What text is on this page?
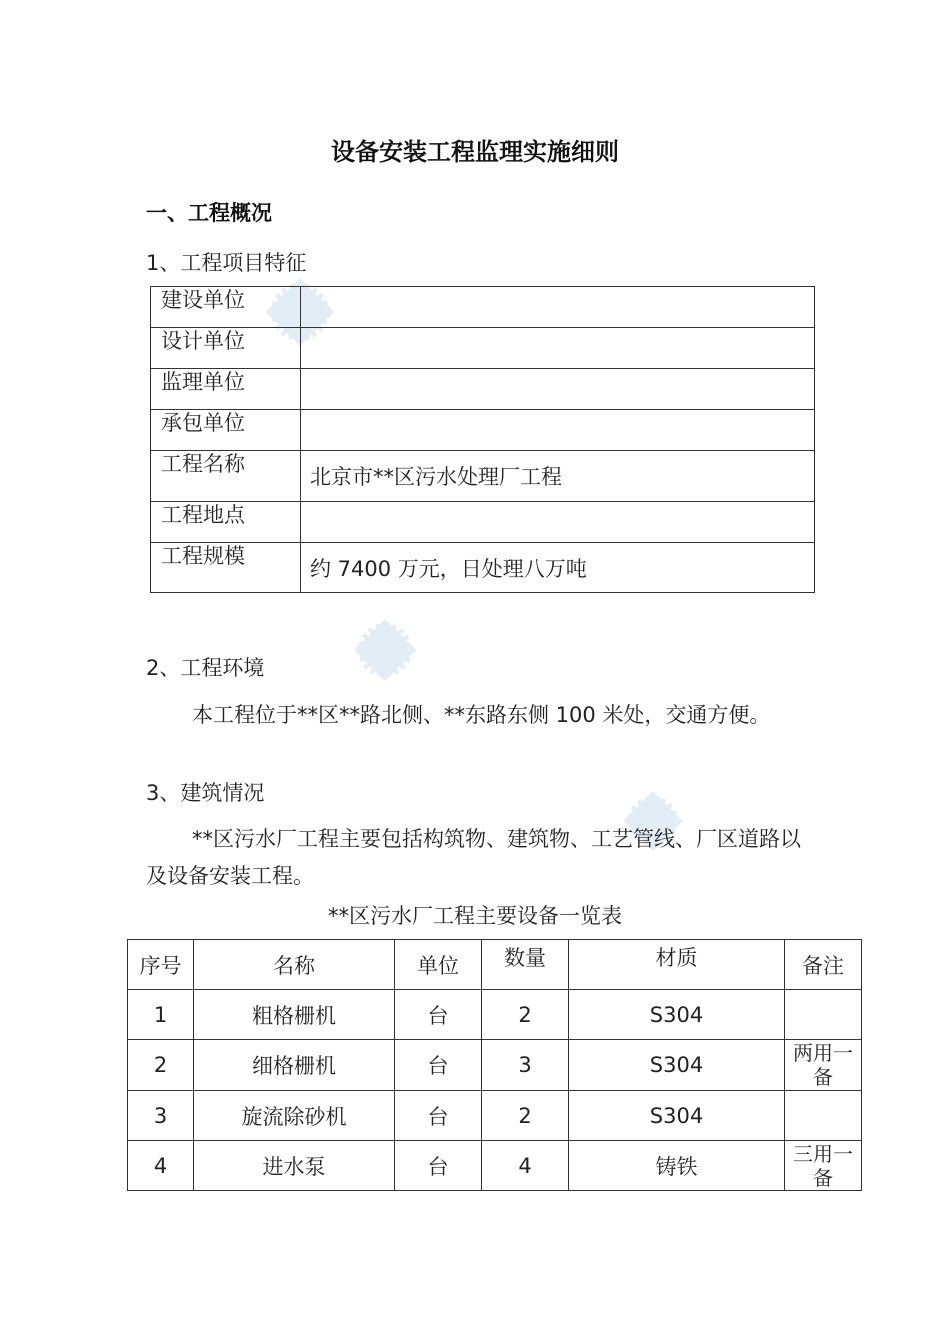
设备安装工程监理实施细则
一、工程概况
1、工程项目特征
建设单位	

设计单位	

监理单位	

承包单位	

工程名称	北京市**区污水处理厂工程

工程地点	

工程规模	约 7400 万元，日处理八万吨
2、工程环境
本工程位于**区**路北侧、**东路东侧 100 米处，交通方便。
3、建筑情况
**区污水厂工程主要包括构筑物、建筑物、工艺管线、厂区道路以及设备安装工程。
**区污水厂工程主要设备一览表
序号	名称	单位	数量	材质	备注
1	粗格栅机	台	2	S304	
2	细格栅机	台	3	S304	两用一备
3	旋流除砂机	台	2	S304	
4	进水泵	台	4	铸铁	三用一备
